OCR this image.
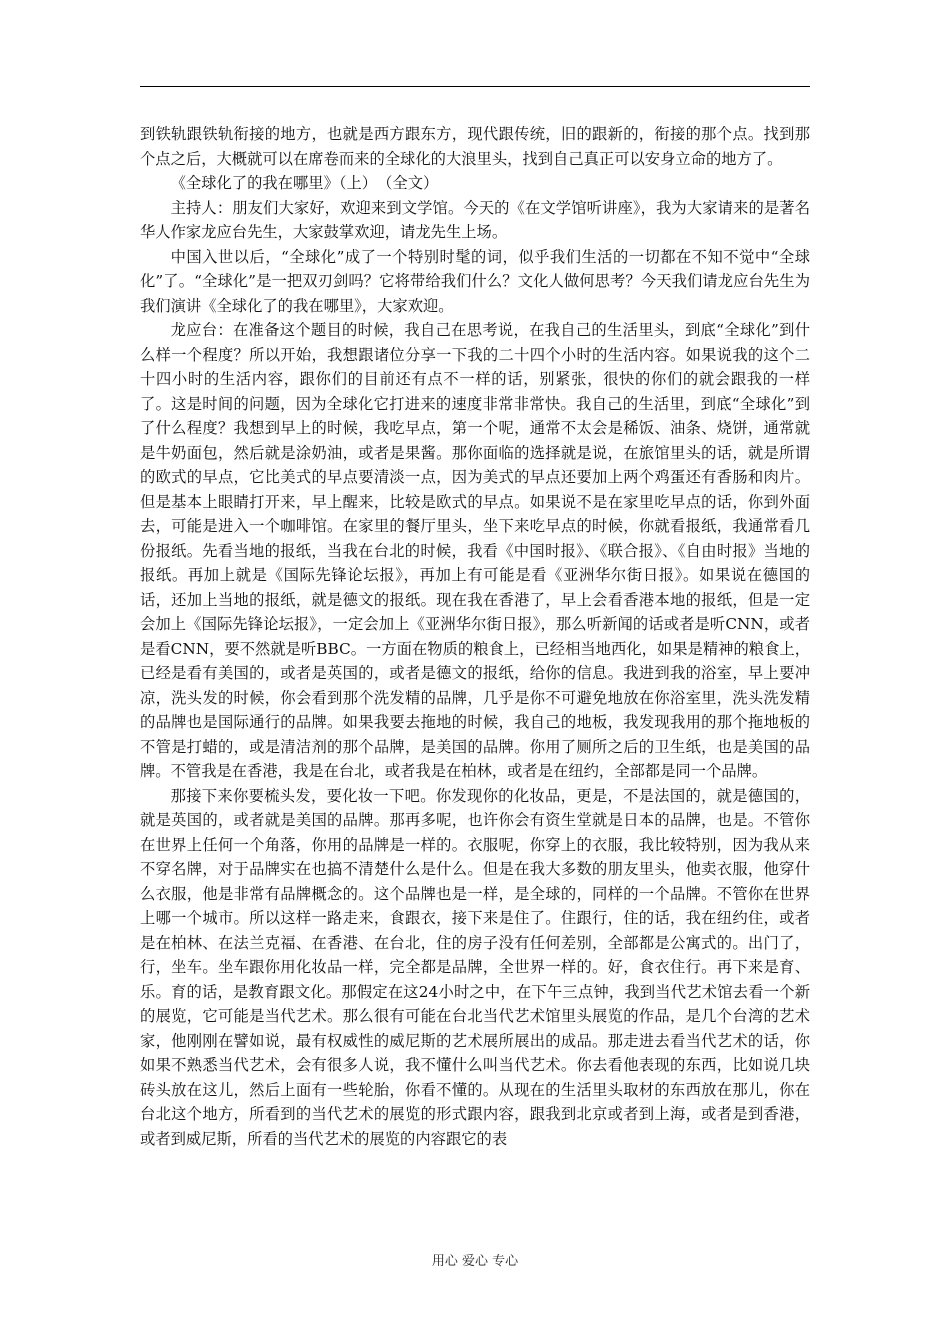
到铁轨跟铁轨衔接的地方，也就是西方跟东方，现代跟传统，旧的跟新的，衔接的那个点。找到那个点之后，大概就可以在席卷而来的全球化的大浪里头，找到自己真正可以安身立命的地方了。

《全球化了的我在哪里》（上）　（全文）

主持人：朋友们大家好，欢迎来到文学馆。今天的《在文学馆听讲座》，我为大家请来的是著名华人作家龙应台先生，大家鼓掌欢迎，请龙先生上场。

中国入世以后，“全球化”成了一个特别时髦的词，似乎我们生活的一切都在不知不觉中“全球化”了。“全球化”是一把双刃剑吗？它将带给我们什么？文化人做何思考？今天我们请龙应台先生为我们演讲《全球化了的我在哪里》，大家欢迎。

龙应台：在准备这个题目的时候，我自己在思考说，在我自己的生活里头，到底“全球化”到什么样一个程度？所以开始，我想跟诸位分享一下我的二十四个小时的生活内容。如果说我的这个二十四小时的生活内容，跟你们的目前还有点不一样的话，别紧张，很快的你们的就会跟我的一样了。这是时间的问题，因为全球化它打进来的速度非常非常快。我自己的生活里，到底“全球化”到了什么程度？我想到早上的时候，我吃早点，第一个呢，通常不太会是稀饭、油条、烧饼，通常就是牛奶面包，然后就是涂奶油，或者是果酱。那你面临的选择就是说，在旅馆里头的话，就是所谓的欧式的早点，它比美式的早点要清淡一点，因为美式的早点还要加上两个鸡蛋还有香肠和肉片。但是基本上眼睛打开来，早上醒来，比较是欧式的早点。如果说不是在家里吃早点的话，你到外面去，可能是进入一个咖啡馆。在家里的餐厅里头，坐下来吃早点的时候，你就看报纸，我通常看几份报纸。先看当地的报纸，当我在台北的时候，我看《中国时报》、《联合报》、《自由时报》当地的报纸。再加上就是《国际先锋论坛报》，再加上有可能是看《亚洲华尔街日报》。如果说在德国的话，还加上当地的报纸，就是德文的报纸。现在我在香港了，早上会看香港本地的报纸，但是一定会加上《国际先锋论坛报》，一定会加上《亚洲华尔街日报》，那么听新闻的话或者是听CNN，或者是看CNN，要不然就是听BBC。一方面在物质的粮食上，已经相当地西化，如果是精神的粮食上，已经是看有美国的，或者是英国的，或者是德文的报纸，给你的信息。我进到我的浴室，早上要冲凉，洗头发的时候，你会看到那个洗发精的品牌，几乎是你不可避免地放在你浴室里，洗头洗发精的品牌也是国际通行的品牌。如果我要去拖地的时候，我自己的地板，我发现我用的那个拖地板的不管是打蜡的，或是清洁剂的那个品牌，是美国的品牌。你用了厕所之后的卫生纸，也是美国的品牌。不管我是在香港，我是在台北，或者我是在柏林，或者是在纽约，全部都是同一个品牌。

那接下来你要梳头发，要化妆一下吧。你发现你的化妆品，更是，不是法国的，就是德国的，就是英国的，或者就是美国的品牌。那再多呢，也许你会有资生堂就是日本的品牌，也是。不管你在世界上任何一个角落，你用的品牌是一样的。衣服呢，你穿上的衣服，我比较特别，因为我从来不穿名牌，对于品牌实在也搞不清楚什么是什么。但是在我大多数的朋友里头，他卖衣服，他穿什么衣服，他是非常有品牌概念的。这个品牌也是一样，是全球的，同样的一个品牌。不管你在世界上哪一个城市。所以这样一路走来，食跟衣，接下来是住了。住跟行，住的话，我在纽约住，或者是在柏林、在法兰克福、在香港、在台北，住的房子没有任何差别，全部都是公寓式的。出门了，行，坐车。坐车跟你用化妆品一样，完全都是品牌，全世界一样的。好，食衣住行。再下来是育、乐。育的话，是教育跟文化。那假定在这24小时之中，在下午三点钟，我到当代艺术馆去看一个新的展览，它可能是当代艺术。那么很有可能在台北当代艺术馆里头展览的作品，是几个台湾的艺术家，他刚刚在譬如说，最有权威性的威尼斯的艺术展所展出的成品。那走进去看当代艺术的话，你如果不熟悉当代艺术，会有很多人说，我不懂什么叫当代艺术。你去看他表现的东西，比如说几块砖头放在这儿，然后上面有一些轮胎，你看不懂的。从现在的生活里头取材的东西放在那儿，你在台北这个地方，所看到的当代艺术的展览的形式跟内容，跟我到北京或者到上海，或者是到香港，或者到威尼斯，所看的当代艺术的展览的内容跟它的表

用心 爱心 专心
